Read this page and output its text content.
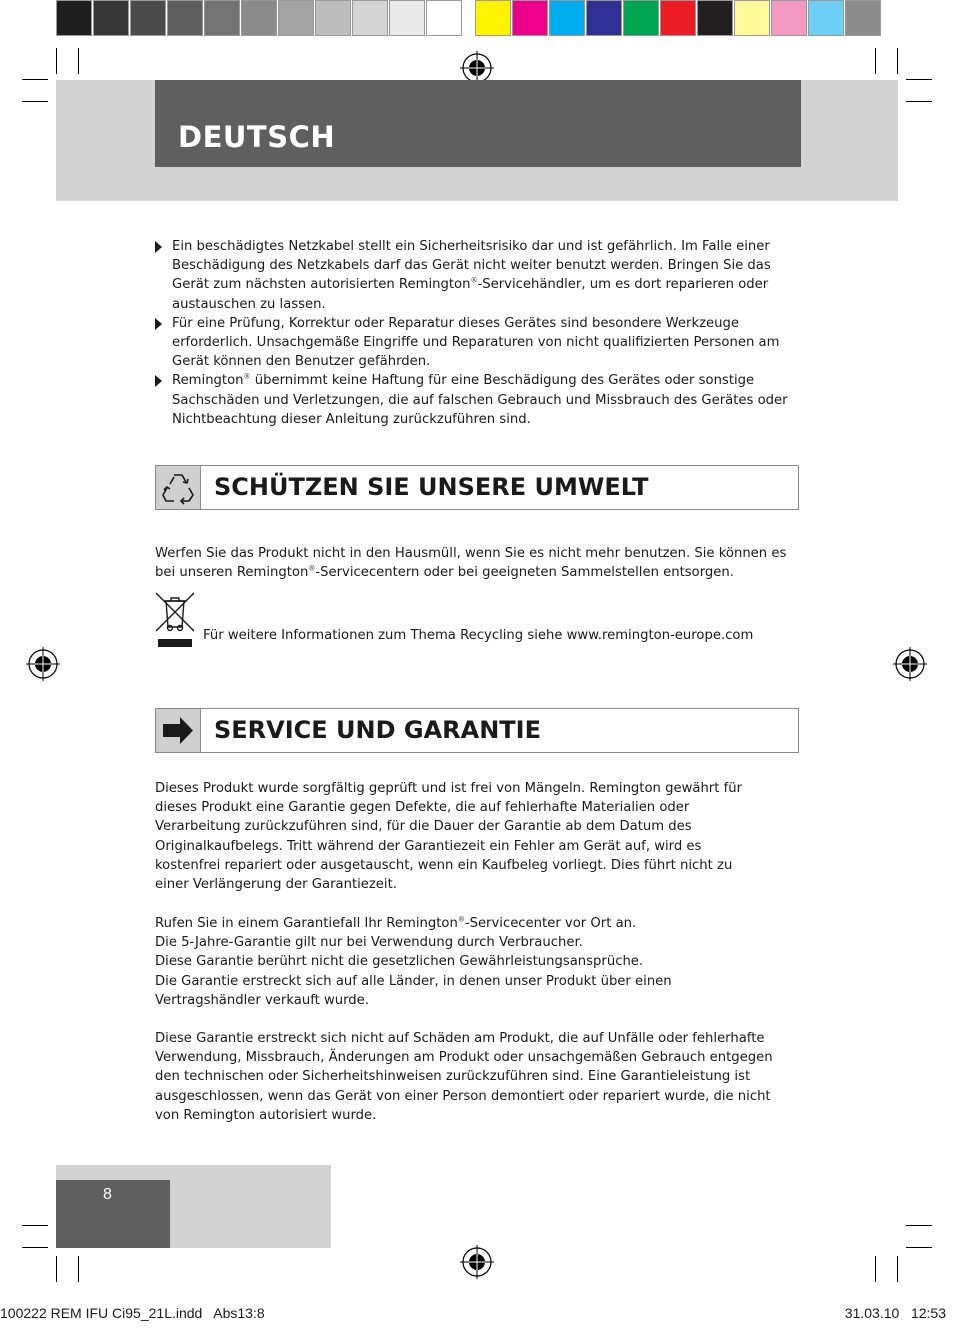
DEUTSCH
Ein beschädigtes Netzkabel stellt ein Sicherheitsrisiko dar und ist gefährlich. Im Falle einer Beschädigung des Netzkabels darf das Gerät nicht weiter benutzt werden. Bringen Sie das Gerät zum nächsten autorisierten Remington®-Servicehändler, um es dort reparieren oder austauschen zu lassen.
Für eine Prüfung, Korrektur oder Reparatur dieses Gerätes sind besondere Werkzeuge erforderlich. Unsachgemäße Eingriffe und Reparaturen von nicht qualifizierten Personen am Gerät können den Benutzer gefährden.
Remington® übernimmt keine Haftung für eine Beschädigung des Gerätes oder sonstige Sachschäden und Verletzungen, die auf falschen Gebrauch und Missbrauch des Gerätes oder Nichtbeachtung dieser Anleitung zurückzuführen sind.
SCHÜTZEN SIE UNSERE UMWELT
Werfen Sie das Produkt nicht in den Hausmüll, wenn Sie es nicht mehr benutzen. Sie können es bei unseren Remington®-Servicecentern oder bei geeigneten Sammelstellen entsorgen.
Für weitere Informationen zum Thema Recycling siehe www.remington-europe.com
SERVICE UND GARANTIE
Dieses Produkt wurde sorgfältig geprüft und ist frei von Mängeln. Remington gewährt für dieses Produkt eine Garantie gegen Defekte, die auf fehlerhafte Materialien oder Verarbeitung zurückzuführen sind, für die Dauer der Garantie ab dem Datum des Originalkaufbelegs. Tritt während der Garantiezeit ein Fehler am Gerät auf, wird es kostenfrei repariert oder ausgetauscht, wenn ein Kaufbeleg vorliegt. Dies führt nicht zu einer Verlängerung der Garantiezeit.
Rufen Sie in einem Garantiefall Ihr Remington®-Servicecenter vor Ort an.
Die 5-Jahre-Garantie gilt nur bei Verwendung durch Verbraucher.
Diese Garantie berührt nicht die gesetzlichen Gewährleistungsansprüche.
Die Garantie erstreckt sich auf alle Länder, in denen unser Produkt über einen Vertragshändler verkauft wurde.
Diese Garantie erstreckt sich nicht auf Schäden am Produkt, die auf Unfälle oder fehlerhafte Verwendung, Missbrauch, Änderungen am Produkt oder unsachgemäßen Gebrauch entgegen den technischen oder Sicherheitshinweisen zurückzuführen sind. Eine Garantieleistung ist ausgeschlossen, wenn das Gerät von einer Person demontiert oder repariert wurde, die nicht von Remington autorisiert wurde.
8
100222 REM IFU Ci95_21L.indd   Abs13:8	31.03.10   12:53
